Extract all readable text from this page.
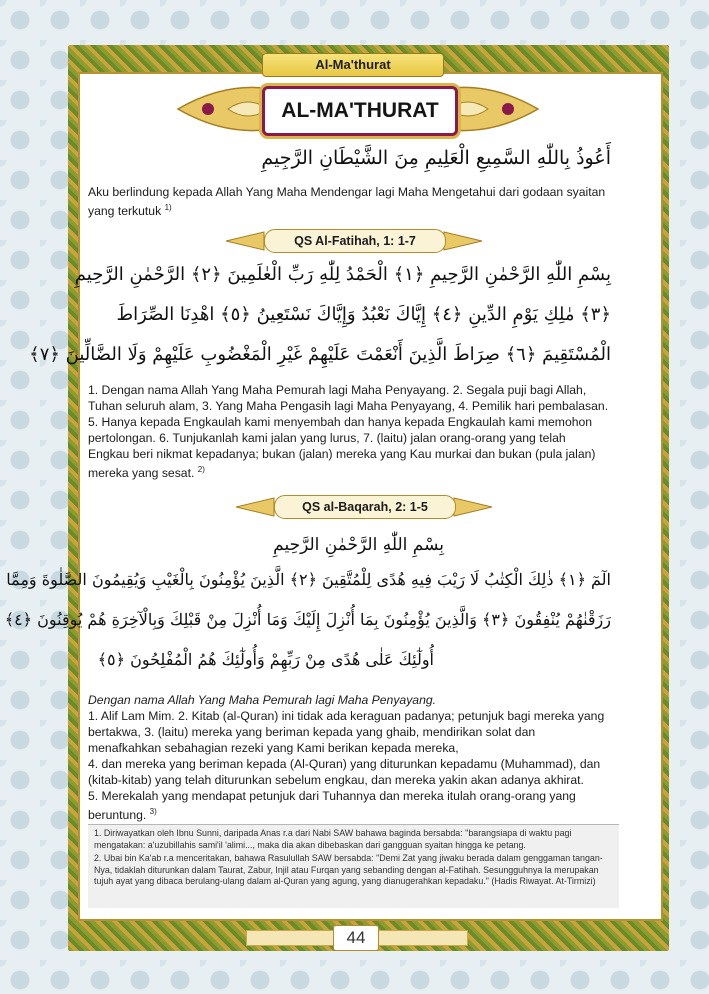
Al-Ma'thurat
AL-MA'THURAT
أَعُوذُ بِاللّٰهِ السَّمِيعِ الْعَلِيمِ مِنَ الشَّيْطَانِ الرَّجِيمِ
Aku berlindung kepada Allah Yang Maha Mendengar lagi Maha Mengetahui dari godaan syaitan yang terkutuk $^{1)}$
QS Al-Fatihah, 1: 1-7
بِسْمِ اللّٰهِ الرَّحْمٰنِ الرَّحِيمِ ﴿١﴾ الْحَمْدُ لِلّٰهِ رَبِّ الْعٰلَمِينَ ﴿٢﴾ الرَّحْمٰنِ الرَّحِيمِ
﴿٣﴾ مٰلِكِ يَوْمِ الدِّينِ ﴿٤﴾ إِيَّاكَ نَعْبُدُ وَإِيَّاكَ نَسْتَعِينُ ﴿٥﴾ اهْدِنَا الصِّرَاطَ
الْمُسْتَقِيمَ ﴿٦﴾ صِرَاطَ الَّذِينَ أَنْعَمْتَ عَلَيْهِمْ غَيْرِ الْمَغْضُوبِ عَلَيْهِمْ وَلَا الضَّالِّينَ ﴿٧﴾
1. Dengan nama Allah Yang Maha Pemurah lagi Maha Penyayang. 2. Segala puji bagi Allah,
Tuhan seluruh alam, 3. Yang Maha Pengasih lagi Maha Penyayang, 4. Pemilik hari pembalasan.
5. Hanya kepada Engkaulah kami menyembah dan hanya kepada Engkaulah kami memohon
pertolongan. 6. Tunjukanlah kami jalan yang lurus, 7. (laitu) jalan orang-orang yang telah
Engkau beri nikmat kepadanya; bukan (jalan) mereka yang Kau murkai dan bukan (pula jalan)
mereka yang sesat. $^{2)}$
QS al-Baqarah, 2: 1-5
بِسْمِ اللّٰهِ الرَّحْمٰنِ الرَّحِيمِ
الٓمٓ ﴿١﴾ ذٰلِكَ الْكِتٰبُ لَا رَيْبَ فِيهِ هُدًى لِلْمُتَّقِينَ ﴿٢﴾ الَّذِينَ يُؤْمِنُونَ بِالْغَيْبِ وَيُقِيمُونَ الصَّلٰوةَ وَمِمَّا
رَزَقْنٰهُمْ يُنْفِقُونَ ﴿٣﴾ وَالَّذِينَ يُؤْمِنُونَ بِمَا أُنْزِلَ إِلَيْكَ وَمَا أُنْزِلَ مِنْ قَبْلِكَ وَبِالْآخِرَةِ هُمْ يُوقِنُونَ ﴿٤﴾
أُولٰٓئِكَ عَلٰى هُدًى مِنْ رَبِّهِمْ وَأُولٰٓئِكَ هُمُ الْمُفْلِحُونَ ﴿٥﴾
Dengan nama Allah Yang Maha Pemurah lagi Maha Penyayang.
1. Alif Lam Mim. 2. Kitab (al-Quran) ini tidak ada keraguan padanya; petunjuk bagi mereka yang
bertakwa, 3. (laitu) mereka yang beriman kepada yang ghaib, mendirikan solat dan
menafkahkan sebahagian rezeki yang Kami berikan kepada mereka,
4. dan mereka yang beriman kepada (Al-Quran) yang diturunkan kepadamu (Muhammad), dan
(kitab-kitab) yang telah diturunkan sebelum engkau, dan mereka yakin akan adanya akhirat.
5. Merekalah yang mendapat petunjuk dari Tuhannya dan mereka itulah orang-orang yang
beruntung. $^{3)}$
1. Diriwayatkan oleh Ibnu Sunni, daripada Anas r.a dari Nabi SAW bahawa baginda bersabda: "barangsiapa di waktu pagi mengatakan: a'uzubillahis sami'il 'alimi..., maka dia akan dibebaskan dari gangguan syaitan hingga ke petang.
2. Ubai bin Ka'ab r.a menceritakan, bahawa Rasulullah SAW bersabda: "Demi Zat yang jiwaku berada dalam genggaman tangan-Nya, tidaklah diturunkan dalam Taurat, Zabur, Injil atau Furqan yang sebanding dengan al-Fatihah. Sesungguhnya la merupakan tujuh ayat yang dibaca berulang-ulang dalam al-Quran yang agung, yang dianugerahkan kepadaku." (Hadis Riwayat. At-Tirmizi)
44
